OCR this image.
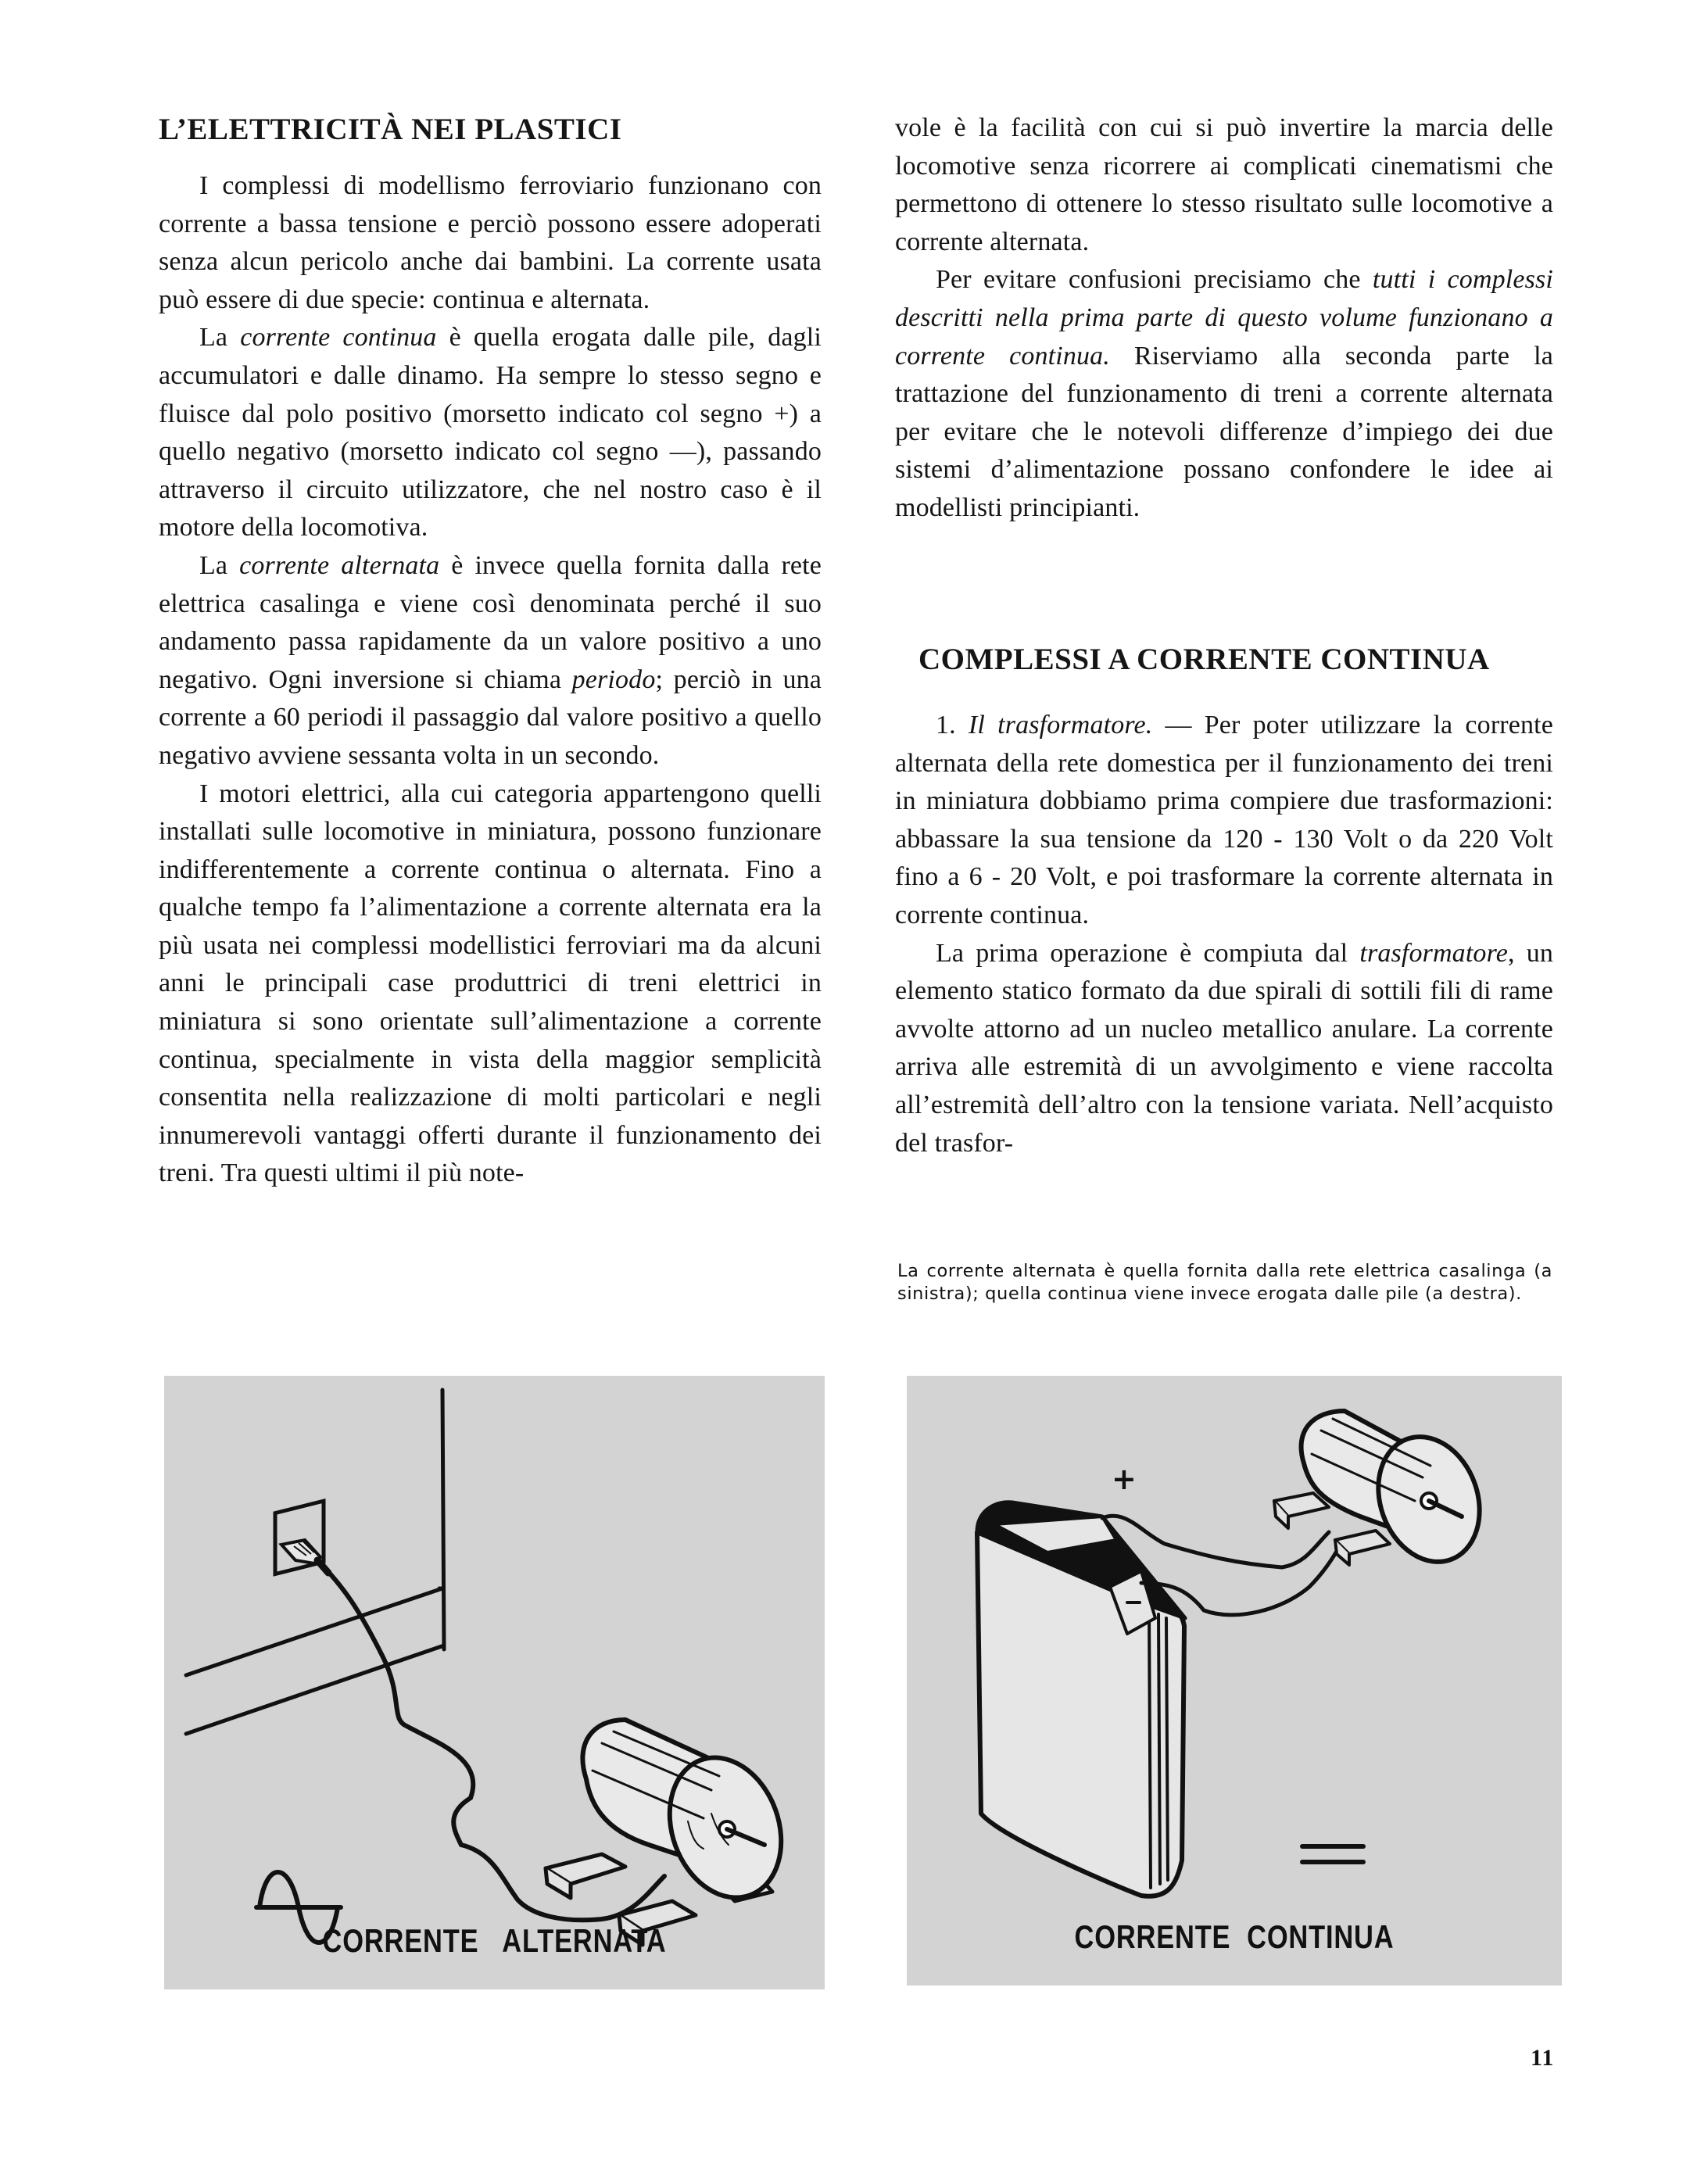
L’ELETTRICITÀ NEI PLASTICI

I complessi di modellismo ferroviario funzionano con corrente a bassa tensione e perciò possono essere adoperati senza alcun pericolo anche dai bambini. La corrente usata può essere di due specie: continua e alternata.

La corrente continua è quella erogata dalle pile, dagli accumulatori e dalle dinamo. Ha sempre lo stesso segno e fluisce dal polo positivo (morsetto indicato col segno +) a quello negativo (morsetto indicato col segno —), passando attraverso il circuito utilizzatore, che nel nostro caso è il motore della locomotiva.

La corrente alternata è invece quella fornita dalla rete elettrica casalinga e viene così denominata perché il suo andamento passa rapidamente da un valore positivo a uno negativo. Ogni inversione si chiama periodo; perciò in una corrente a 60 periodi il passaggio dal valore positivo a quello negativo avviene sessanta volta in un secondo.

I motori elettrici, alla cui categoria appartengono quelli installati sulle locomotive in miniatura, possono funzionare indifferentemente a corrente continua o alternata. Fino a qualche tempo fa l’alimentazione a corrente alternata era la più usata nei complessi modellistici ferroviari ma da alcuni anni le principali case produttrici di treni elettrici in miniatura si sono orientate sull’alimentazione a corrente continua, specialmente in vista della maggior semplicità consentita nella realizzazione di molti particolari e negli innumerevoli vantaggi offerti durante il funzionamento dei treni. Tra questi ultimi il più note-

vole è la facilità con cui si può invertire la marcia delle locomotive senza ricorrere ai complicati cinematismi che permettono di ottenere lo stesso risultato sulle locomotive a corrente alternata.

Per evitare confusioni precisiamo che tutti i complessi descritti nella prima parte di questo volume funzionano a corrente continua. Riserviamo alla seconda parte la trattazione del funzionamento di treni a corrente alternata per evitare che le notevoli differenze d’impiego dei due sistemi d’alimentazione possano confondere le idee ai modellisti principianti.

COMPLESSI A CORRENTE CONTINUA

1. Il trasformatore. — Per poter utilizzare la corrente alternata della rete domestica per il funzionamento dei treni in miniatura dobbiamo prima compiere due trasformazioni: abbassare la sua tensione da 120 - 130 Volt o da 220 Volt fino a 6 - 20 Volt, e poi trasformare la corrente alternata in corrente continua.

La prima operazione è compiuta dal trasformatore, un elemento statico formato da due spirali di sottili fili di rame avvolte attorno ad un nucleo metallico anulare. La corrente arriva alle estremità di un avvolgimento e viene raccolta all’estremità dell’altro con la tensione variata. Nell’acquisto del trasfor-

La corrente alternata è quella fornita dalla rete elettrica casalinga (a sinistra); quella continua viene invece erogata dalle pile (a destra).

CORRENTE   ALTERNATA
+
CORRENTE  CONTINUA
11
